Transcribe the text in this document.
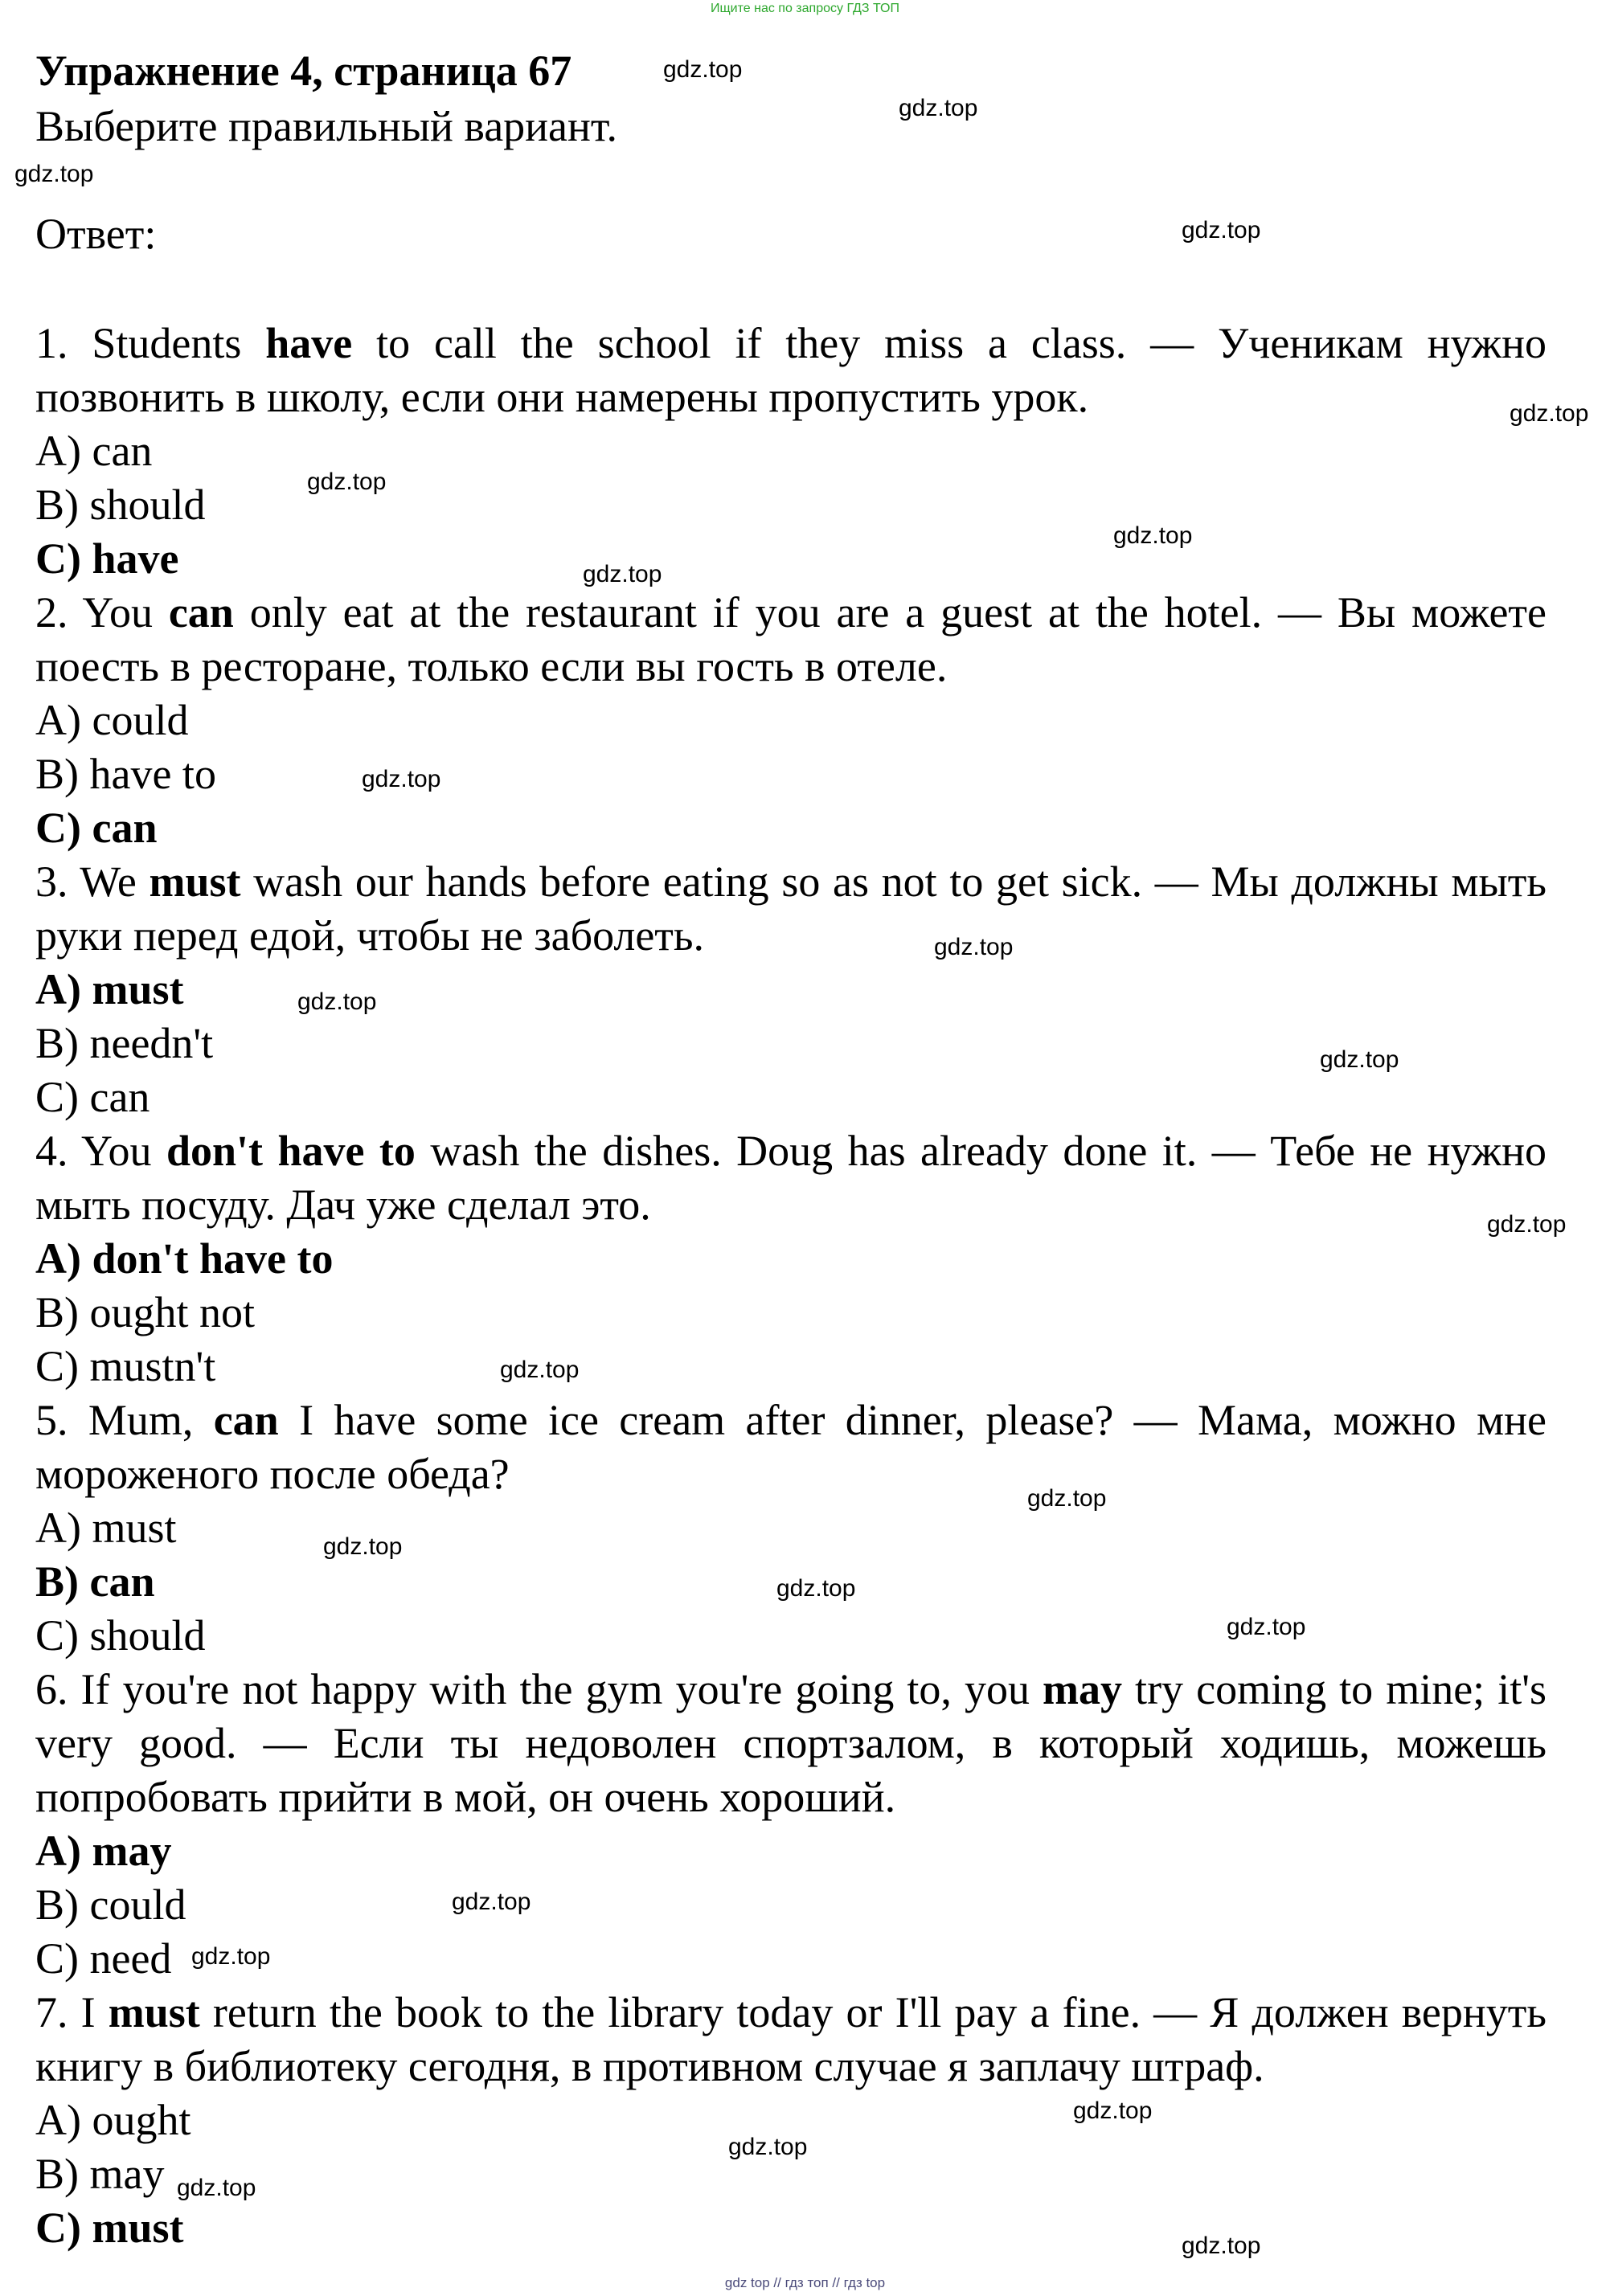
Ищите нас по запросу ГДЗ ТОП
Упражнение 4, страница 67

Выберите правильный вариант.

Ответ:

1. Students have to call the school if they miss a class. — Ученикам нужно позвонить в школу, если они намерены пропустить урок.

A) can

B) should

C) have

2. You can only eat at the restaurant if you are a guest at the hotel. — Вы можете поесть в ресторане, только если вы гость в отеле.

A) could

B) have to

C) can

3. We must wash our hands before eating so as not to get sick. — Мы должны мыть руки перед едой, чтобы не заболеть.

A) must

B) needn't

C) can

4. You don't have to wash the dishes. Doug has already done it. — Тебе не нужно мыть посуду. Дач уже сделал это.

A) don't have to

B) ought not

C) mustn't

5. Mum, can I have some ice cream after dinner, please? — Мама, можно мне мороженого после обеда?

A) must

B) can

C) should

6. If you're not happy with the gym you're going to, you may try coming to mine; it's very good. — Если ты недоволен спортзалом, в который ходишь, можешь попробовать прийти в мой, он очень хороший.

A) may

B) could

C) need

7. I must return the book to the library today or I'll pay a fine. — Я должен вернуть книгу в библиотеку сегодня, в противном случае я заплачу штраф.

A) ought

B) may

C) must

gdz.top
gdz.top
gdz.top
gdz.top
gdz.top
gdz.top
gdz.top
gdz.top
gdz.top
gdz.top
gdz.top
gdz.top
gdz.top
gdz.top
gdz.top
gdz.top
gdz.top
gdz.top
gdz.top
gdz.top
gdz.top
gdz.top
gdz.top
gdz.top
gdz top // гдз топ // гдз top
